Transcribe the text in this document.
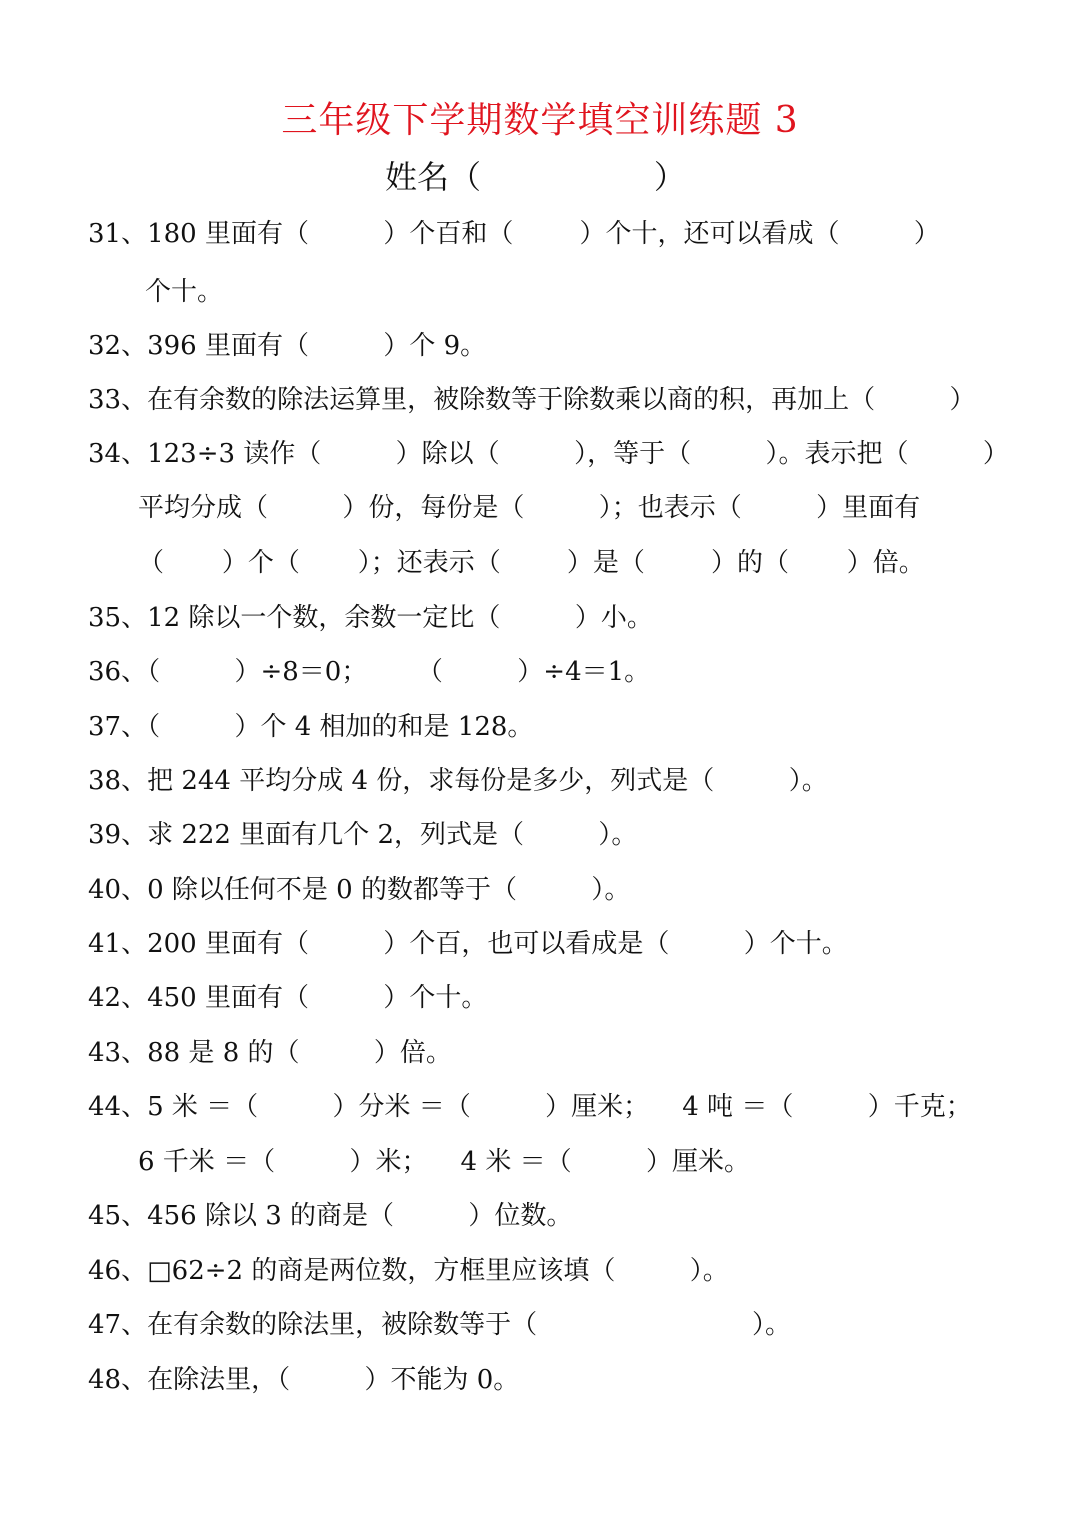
三年级下学期数学填空训练题 3
姓名（                 ）
31、180 里面有（         ）个百和（        ）个十，还可以看成（         ）
个十。
32、396 里面有（         ）个 9。
33、在有余数的除法运算里，被除数等于除数乘以商的积，再加上（         ）
34、123÷3 读作（         ）除以（         ），等于（         ）。表示把（         ）
平均分成（         ）份，每份是（         ）；也表示（         ）里面有
（       ）个（       ）；还表示（        ）是（        ）的（       ）倍。
35、12 除以一个数，余数一定比（         ）小。
36、（         ）÷8＝0；      （         ）÷4＝1。
37、（         ）个 4 相加的和是 128。
38、把 244 平均分成 4 份，求每份是多少，列式是（         ）。
39、求 222 里面有几个 2，列式是（         ）。
40、0 除以任何不是 0 的数都等于（         ）。
41、200 里面有（         ）个百，也可以看成是（         ）个十。
42、450 里面有（         ）个十。
43、88 是 8 的（         ）倍。
44、5 米 ＝（         ）分米 ＝（         ）厘米；    4 吨 ＝（         ）千克；
6 千米 ＝（         ）米；    4 米 ＝（         ）厘米。
45、456 除以 3 的商是（         ）位数。
46、□62÷2 的商是两位数，方框里应该填（         ）。
47、在有余数的除法里，被除数等于（                          ）。
48、在除法里，（         ）不能为 0。
